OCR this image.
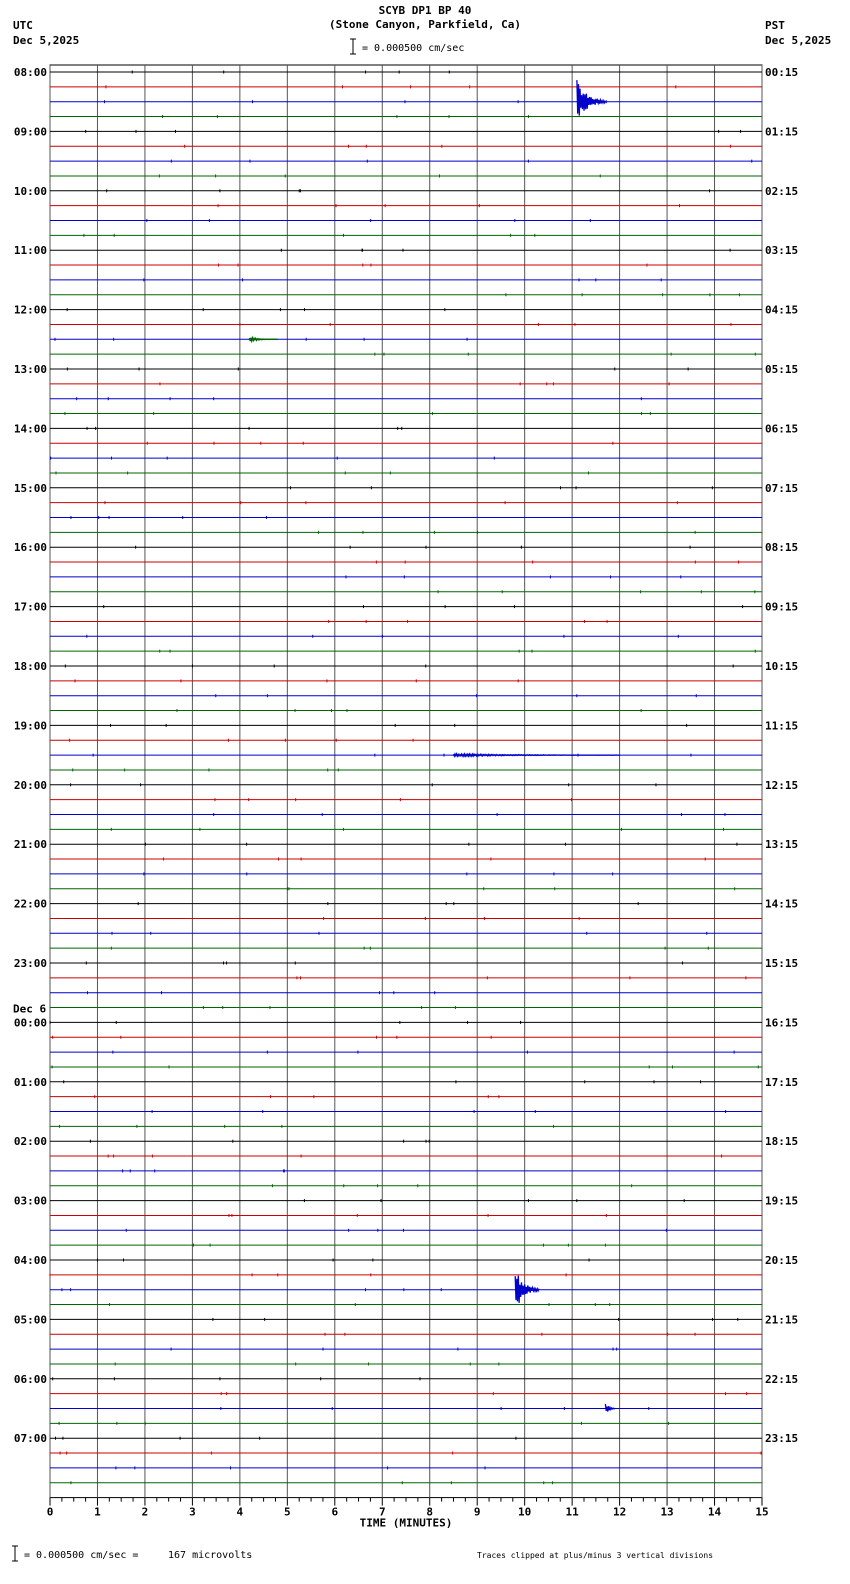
SCYB DP1 BP 40
(Stone Canyon, Parkfield, Ca)
UTC
Dec 5,2025
PST
Dec 5,2025
= 0.000500 cm/sec
08:00
09:00
10:00
11:00
12:00
13:00
14:00
15:00
16:00
17:00
18:00
19:00
20:00
21:00
22:00
23:00
00:00
01:00
02:00
03:00
04:00
05:00
06:00
07:00
00:15
01:15
02:15
03:15
04:15
05:15
06:15
07:15
08:15
09:15
10:15
11:15
12:15
13:15
14:15
15:15
16:15
17:15
18:15
19:15
20:15
21:15
22:15
23:15
Dec 6
0	1	2	3	4	5	6	7	8	9	10	11	12	13	14	15
TIME (MINUTES)
= 0.000500 cm/sec =	167 microvolts	Traces clipped at plus/minus 3 vertical divisions
